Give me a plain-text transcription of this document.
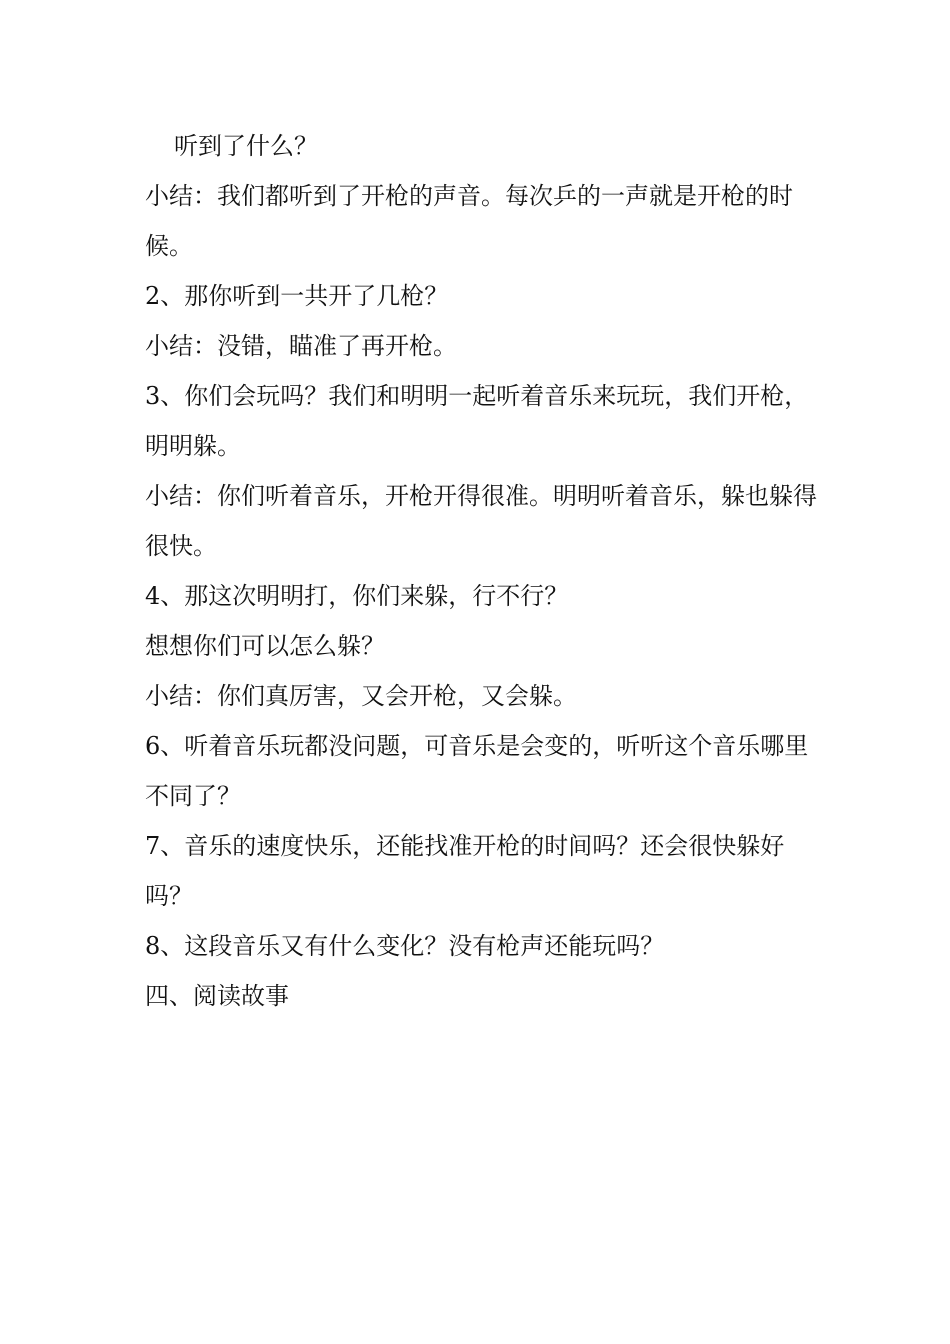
听到了什么？

小结：我们都听到了开枪的声音。每次乒的一声就是开枪的时候。

2、那你听到一共开了几枪？

小结：没错，瞄准了再开枪。

3、你们会玩吗？我们和明明一起听着音乐来玩玩，我们开枪，明明躲。

小结：你们听着音乐，开枪开得很准。明明听着音乐，躲也躲得很快。

4、那这次明明打，你们来躲，行不行？

想想你们可以怎么躲？

小结：你们真厉害，又会开枪，又会躲。

6、听着音乐玩都没问题，可音乐是会变的，听听这个音乐哪里不同了？

7、音乐的速度快乐，还能找准开枪的时间吗？还会很快躲好吗？

8、这段音乐又有什么变化？没有枪声还能玩吗？

四、阅读故事
